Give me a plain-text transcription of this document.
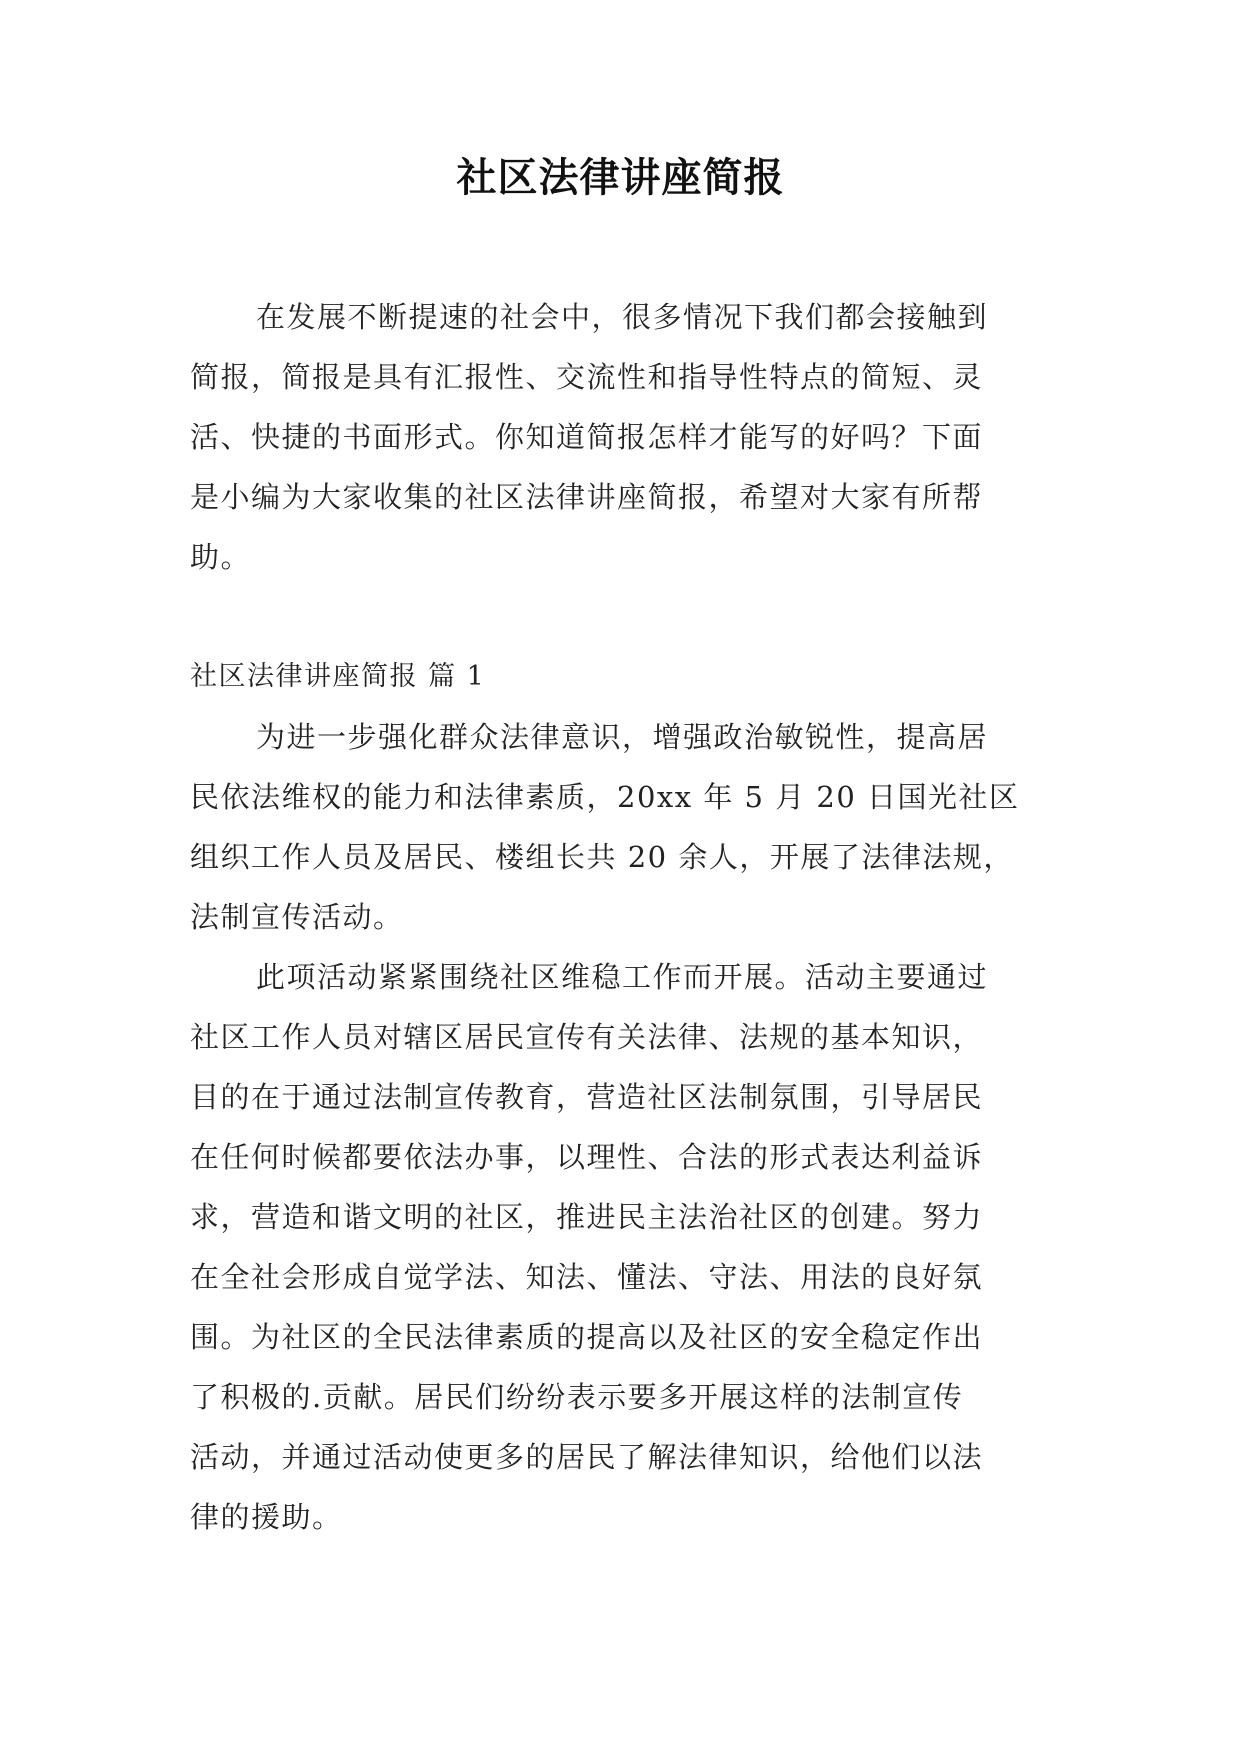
社区法律讲座简报
在发展不断提速的社会中，很多情况下我们都会接触到
简报，简报是具有汇报性、交流性和指导性特点的简短、灵
活、快捷的书面形式。你知道简报怎样才能写的好吗？下面
是小编为大家收集的社区法律讲座简报，希望对大家有所帮
助。
社区法律讲座简报 篇 1
为进一步强化群众法律意识，增强政治敏锐性，提高居
民依法维权的能力和法律素质，20xx 年 5 月 20 日国光社区
组织工作人员及居民、楼组长共 20 余人，开展了法律法规，
法制宣传活动。
此项活动紧紧围绕社区维稳工作而开展。活动主要通过
社区工作人员对辖区居民宣传有关法律、法规的基本知识，
目的在于通过法制宣传教育，营造社区法制氛围，引导居民
在任何时候都要依法办事，以理性、合法的形式表达利益诉
求，营造和谐文明的社区，推进民主法治社区的创建。努力
在全社会形成自觉学法、知法、懂法、守法、用法的良好氛
围。为社区的全民法律素质的提高以及社区的安全稳定作出
了积极的.贡献。居民们纷纷表示要多开展这样的法制宣传
活动，并通过活动使更多的居民了解法律知识，给他们以法
律的援助。
